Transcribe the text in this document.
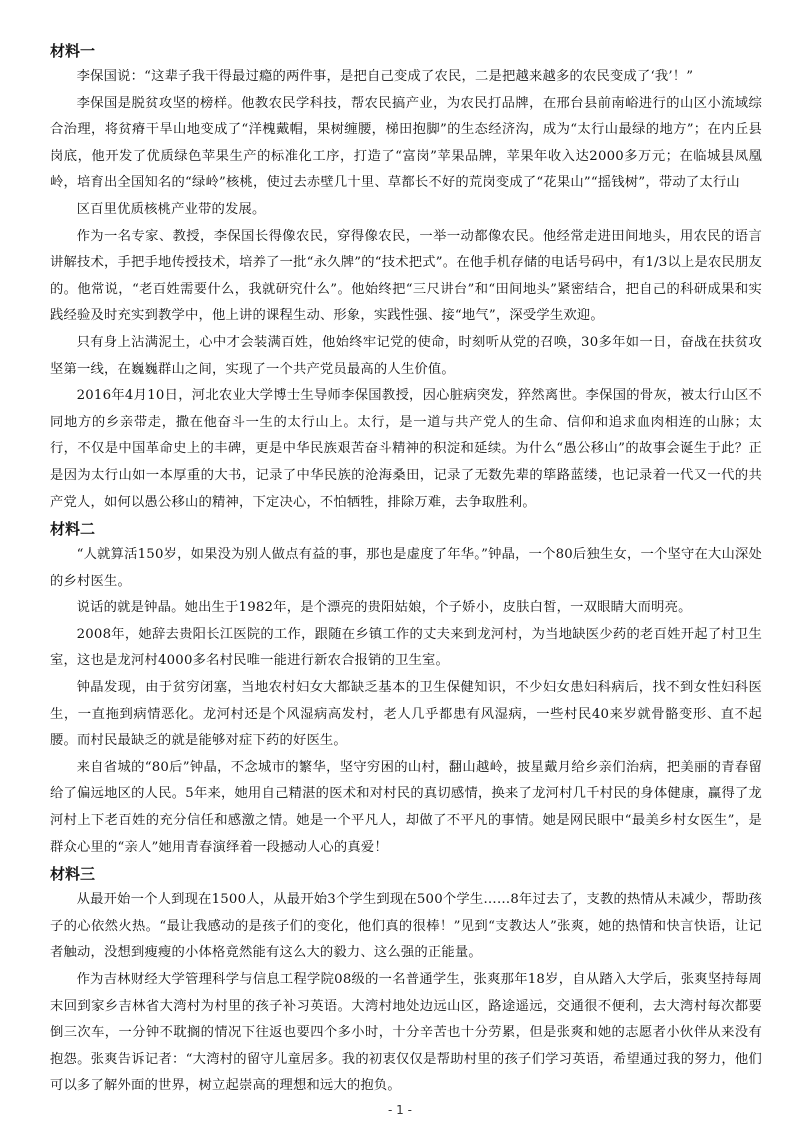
材料一

李保国说：“这辈子我干得最过瘾的两件事，是把自己变成了农民，二是把越来越多的农民变成了‘我’！”

李保国是脱贫攻坚的榜样。他教农民学科技，帮农民搞产业，为农民打品牌，在邢台县前南峪进行的山区小流域综合治理，将贫瘠干旱山地变成了“洋槐戴帽，果树缠腰，梯田抱脚”的生态经济沟，成为“太行山最绿的地方”；在内丘县岗底，他开发了优质绿色苹果生产的标准化工序，打造了“富岗”苹果品牌，苹果年收入达2000多万元；在临城县凤凰岭，培育出全国知名的“绿岭”核桃，使过去赤壁几十里、草都长不好的荒岗变成了“花果山”“摇钱树”，带动了太行山

区百里优质核桃产业带的发展。

作为一名专家、教授，李保国长得像农民，穿得像农民，一举一动都像农民。他经常走进田间地头，用农民的语言讲解技术，手把手地传授技术，培养了一批“永久牌”的“技术把式”。在他手机存储的电话号码中，有1/3以上是农民朋友的。他常说，“老百姓需要什么，我就研究什么”。他始终把“三尺讲台”和“田间地头”紧密结合，把自己的科研成果和实践经验及时充实到教学中，他上讲的课程生动、形象，实践性强、接“地气”，深受学生欢迎。

只有身上沾满泥土，心中才会装满百姓，他始终牢记党的使命，时刻听从党的召唤，30多年如一日，奋战在扶贫攻坚第一线，在巍巍群山之间，实现了一个共产党员最高的人生价值。

2016年4月10日，河北农业大学博士生导师李保国教授，因心脏病突发，猝然离世。李保国的骨灰，被太行山区不同地方的乡亲带走，撒在他奋斗一生的太行山上。太行，是一道与共产党人的生命、信仰和追求血肉相连的山脉；太行，不仅是中国革命史上的丰碑，更是中华民族艰苦奋斗精神的积淀和延续。为什么“愚公移山”的故事会诞生于此？正是因为太行山如一本厚重的大书，记录了中华民族的沧海桑田，记录了无数先辈的筚路蓝缕，也记录着一代又一代的共产党人，如何以愚公移山的精神，下定决心，不怕牺牲，排除万难，去争取胜利。

材料二

“人就算活150岁，如果没为别人做点有益的事，那也是虚度了年华。”钟晶，一个80后独生女，一个坚守在大山深处的乡村医生。

说话的就是钟晶。她出生于1982年，是个漂亮的贵阳姑娘，个子娇小，皮肤白皙，一双眼睛大而明亮。

2008年，她辞去贵阳长江医院的工作，跟随在乡镇工作的丈夫来到龙河村，为当地缺医少药的老百姓开起了村卫生室，这也是龙河村4000多名村民唯一能进行新农合报销的卫生室。

钟晶发现，由于贫穷闭塞，当地农村妇女大都缺乏基本的卫生保健知识，不少妇女患妇科病后，找不到女性妇科医生，一直拖到病情恶化。龙河村还是个风湿病高发村，老人几乎都患有风湿病，一些村民40来岁就骨骼变形、直不起腰。而村民最缺乏的就是能够对症下药的好医生。

来自省城的“80后”钟晶，不念城市的繁华，坚守穷困的山村，翻山越岭，披星戴月给乡亲们治病，把美丽的青春留给了偏远地区的人民。5年来，她用自己精湛的医术和对村民的真切感情，换来了龙河村几千村民的身体健康，赢得了龙河村上下老百姓的充分信任和感激之情。她是一个平凡人，却做了不平凡的事情。她是网民眼中“最美乡村女医生”，是群众心里的“亲人”她用青春演绎着一段撼动人心的真爱！

材料三

从最开始一个人到现在1500人，从最开始3个学生到现在500个学生……8年过去了，支教的热情从未减少，帮助孩子的心依然火热。“最让我感动的是孩子们的变化，他们真的很棒！”见到“支教达人”张爽，她的热情和快言快语，让记者触动，没想到瘦瘦的小体格竟然能有这么大的毅力、这么强的正能量。

作为吉林财经大学管理科学与信息工程学院08级的一名普通学生，张爽那年18岁，自从踏入大学后，张爽坚持每周末回到家乡吉林省大湾村为村里的孩子补习英语。大湾村地处边远山区，路途遥远，交通很不便利，去大湾村每次都要倒三次车，一分钟不耽搁的情况下往返也要四个多小时，十分辛苦也十分劳累，但是张爽和她的志愿者小伙伴从来没有抱怨。张爽告诉记者：“大湾村的留守儿童居多。我的初衷仅仅是帮助村里的孩子们学习英语，希望通过我的努力，他们可以多了解外面的世界，树立起崇高的理想和远大的抱负。

- 1 -
